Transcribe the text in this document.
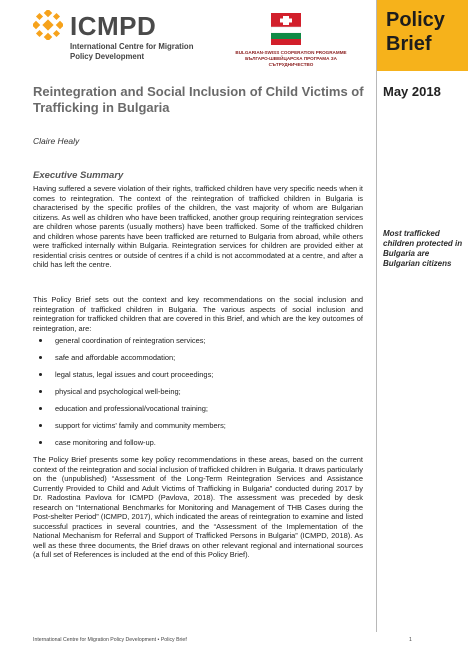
ICMPD
International Centre for Migration Policy Development	BULGARIAN-SWISS COOPERATION PROGRAMME БЪЛГАРО-ШВЕЙЦАРСКА ПРОГРАМА ЗА СЪТРУДНИЧЕСТВО
Policy
Brief
May 2018
Most trafficked children protected in Bulgaria are Bulgarian citizens
Reintegration and Social Inclusion of Child Victims of Trafficking in Bulgaria
Claire Healy
Executive Summary
Having suffered a severe violation of their rights, trafficked children have very specific needs when it comes to reintegration. The context of the reintegration of trafficked children in Bulgaria is characterised by the specific profiles of the children, the vast majority of whom are Bulgarian citizens. As well as children who have been trafficked, another group requiring reintegration services are children whose parents (usually mothers) have been trafficked. Some of the trafficked children and children whose parents have been trafficked are returned to Bulgaria from abroad, while others were trafficked internally within Bulgaria. Reintegration services for children are provided either at residential crisis centres or outside of centres if a child is not accommodated at a centre, and after a child has left the centre.
This Policy Brief sets out the context and key recommendations on the social inclusion and reintegration of trafficked children in Bulgaria. The various aspects of social inclusion and reintegration for trafficked children that are covered in this Brief, and which are the key outcomes of reintegration, are:
general coordination of reintegration services;
safe and affordable accommodation;
legal status, legal issues and court proceedings;
physical and psychological well-being;
education and professional/vocational training;
support for victims' family and community members;
case monitoring and follow-up.
The Policy Brief presents some key policy recommendations in these areas, based on the current context of the reintegration and social inclusion of trafficked children in Bulgaria. It draws particularly on the (unpublished) “Assessment of the Long-Term Reintegration Services and Assistance Currently Provided to Child and Adult Victims of Trafficking in Bulgaria” conducted during 2017 by Dr. Radostina Pavlova for ICMPD (Pavlova, 2018). The assessment was preceded by desk research on “International Benchmarks for Monitoring and Management of THB Cases during the Post-shelter Period” (ICMPD, 2017), which indicated the areas of reintegration to examine and listed successful practices in several countries, and the “Assessment of the Implementation of the National Mechanism for Referral and Support of Trafficked Persons in Bulgaria” (ICMPD, 2018). As well as these three documents, the Brief draws on other relevant regional and international sources (a full set of References is included at the end of this Policy Brief).
International Centre for Migration Policy Development • Policy Brief	1
